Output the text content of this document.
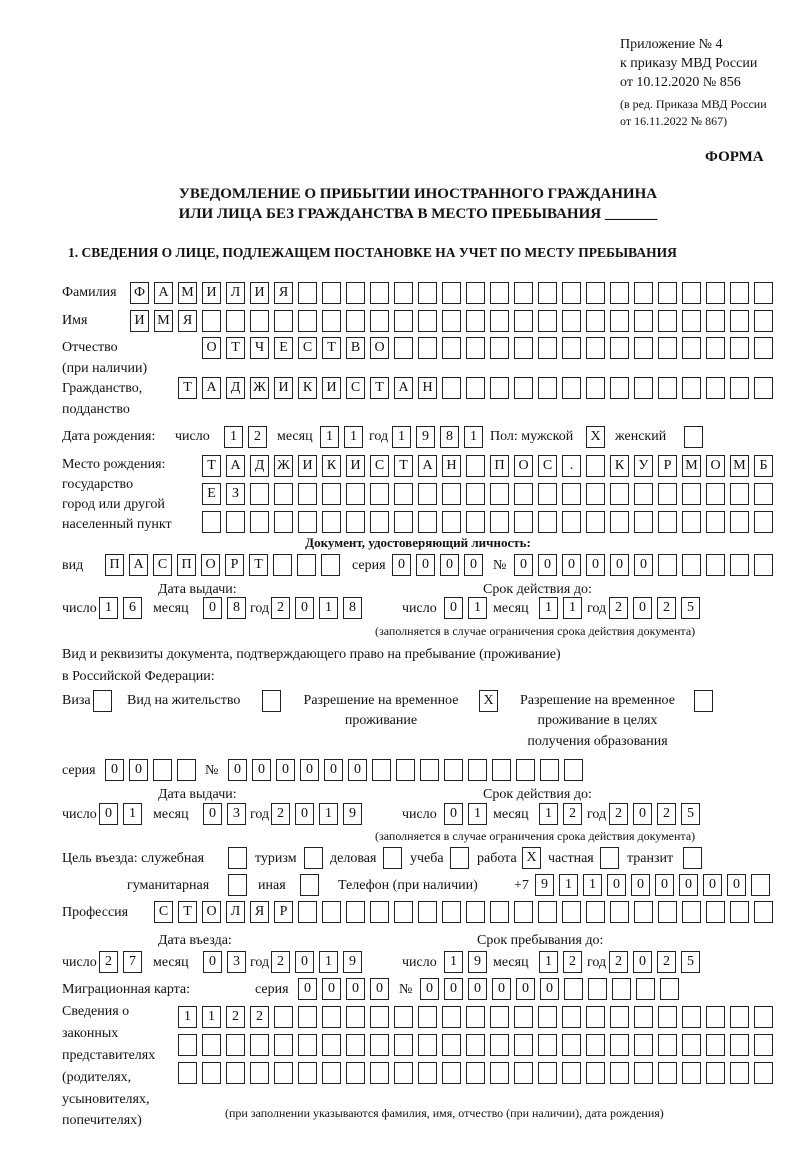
Приложение № 4
к приказу МВД России
от 10.12.2020 № 856
(в ред. Приказа МВД России
от 16.11.2022 № 867)
ФОРМА
УВЕДОМЛЕНИЕ О ПРИБЫТИИ ИНОСТРАННОГО ГРАЖДАНИНА
ИЛИ ЛИЦА БЕЗ ГРАЖДАНСТВА В МЕСТО ПРЕБЫВАНИЯ _______
1. СВЕДЕНИЯ О ЛИЦЕ, ПОДЛЕЖАЩЕМ ПОСТАНОВКЕ НА УЧЕТ ПО МЕСТУ ПРЕБЫВАНИЯ
Фамилия Ф А М И	Л	И	Я
Имя	И М Я
Отчество
(при наличии)
О	Т	Ч	Е	С	Т	В	О
Гражданство,
подданство
Т	А	Д Ж И	К	И	С	Т	А Н
Дата рождения: число	1	2	месяц 1	1 год 1	9	8	1 Пол: мужской	X	женский
Место рождения:
государство
город или другой
населенный пункт
Т	А	Д Ж И	К	И	С	Т	А Н	П О	С	.	К	У	Р М О М Б
Е	З
Документ, удостоверяющий личность:
вид	П А	С	П О	Р	Т	серия 0	0	0	0	№ 0	0	0	0	0	0
Дата выдачи:	Срок действия до:
число 1	6	месяц	0	8 год 2	0	1	8	число 0	1 месяц	1	1 год 2	0	2	5
(заполняется в случае ограничения срока действия документа)
Вид и реквизиты документа, подтверждающего право на пребывание (проживание)
в Российской Федерации:
Виза	Вид на жительство	Разрешение на временное
проживание
X	Разрешение на временное
проживание в целях
получения образования
серия	0	0	№	0	0	0	0	0	0
Дата выдачи:	Срок действия до:
число 0	1	месяц	0	3 год 2	0	1	9	число 0	1 месяц	1	2 год 2	0	2	5
(заполняется в случае ограничения срока действия документа)
Цель въезда: служебная	туризм деловая учеба работа X частная транзит
гуманитарная	иная	Телефон (при наличии)	+7 9	1	1	0	0	0	0	0	0
Профессия	С	Т	О	Л	Я	Р
Дата въезда:	Срок пребывания до:
число 2	7	месяц	0	3 год 2	0	1	9	число 1	9 месяц	1	2 год 2	0	2	5
Миграционная карта:	серия	0	0	0	0	№ 0	0	0	0	0	0
Сведения о
законных
представителях
(родителях,
усыновителях,
попечителях)
1	1	2	2
(при заполнении указываются фамилия, имя, отчество (при наличии), дата рождения)
